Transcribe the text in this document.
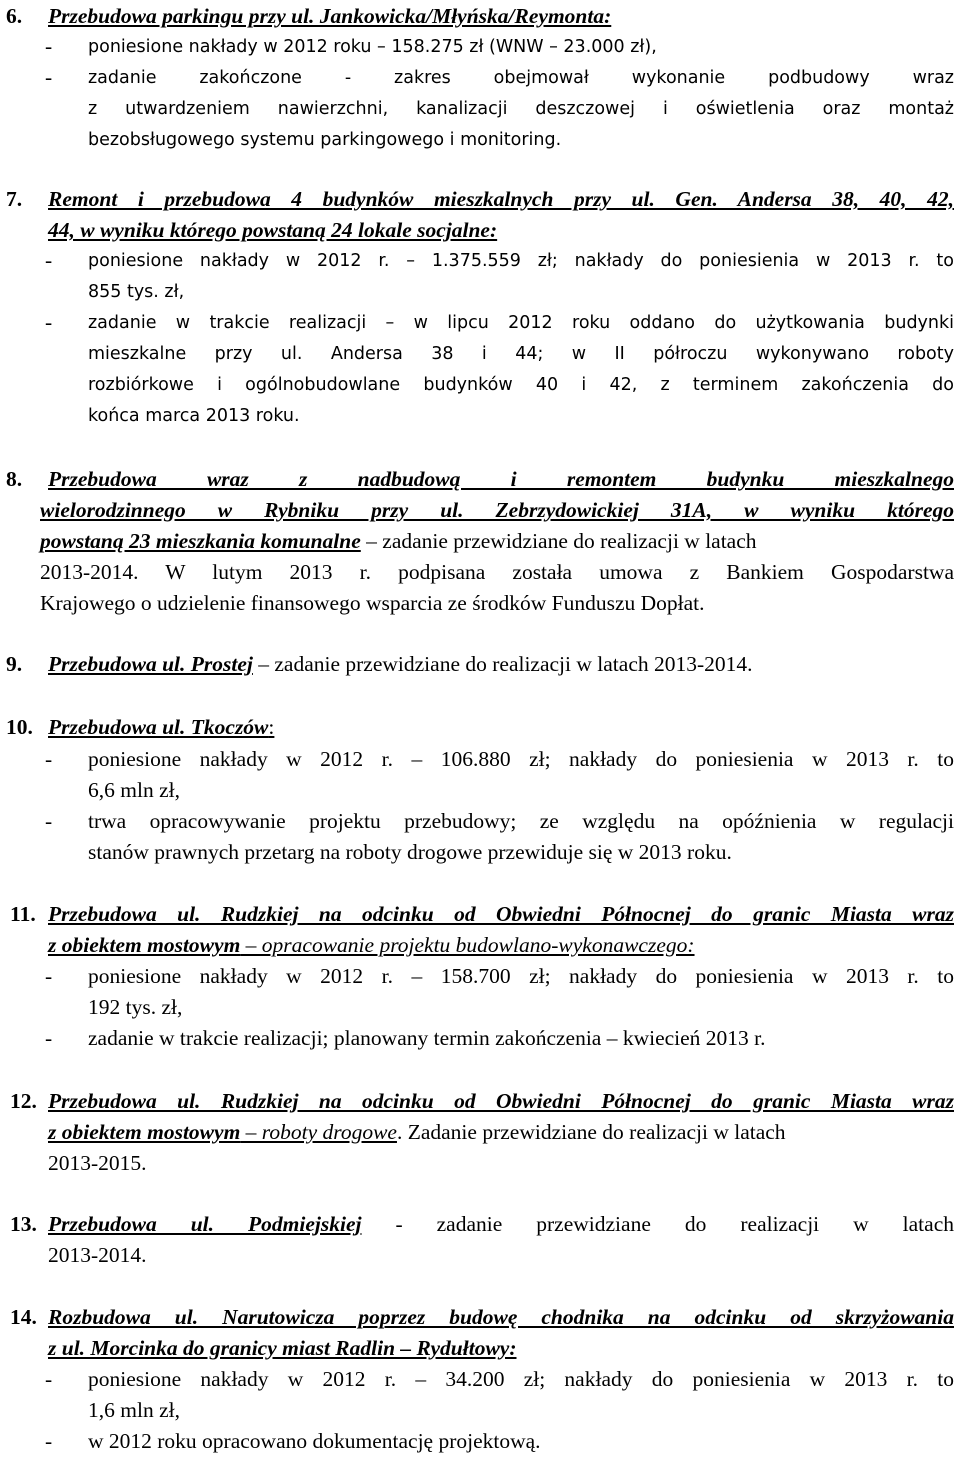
6. Przebudowa parkingu przy ul. Jankowicka/Młyńska/Reymonta:
- poniesione nakłady w 2012 roku – 158.275 zł (WNW – 23.000 zł),
- zadanie zakończone - zakres obejmował wykonanie podbudowy wraz
z utwardzeniem nawierzchni, kanalizacji deszczowej i oświetlenia oraz montaż
bezobsługowego systemu parkingowego i monitoring.
7. Remont i przebudowa 4 budynków mieszkalnych przy ul. Gen. Andersa 38, 40, 42,
44, w wyniku którego powstaną 24 lokale socjalne:
- poniesione nakłady w 2012 r. – 1.375.559 zł; nakłady do poniesienia w 2013 r. to
855 tys. zł,
- zadanie w trakcie realizacji – w lipcu 2012 roku oddano do użytkowania budynki
mieszkalne przy ul. Andersa 38 i 44; w II półroczu wykonywano roboty
rozbiórkowe i ogólnobudowlane budynków 40 i 42, z terminem zakończenia do
końca marca 2013 roku.
8. Przebudowa wraz z nadbudową i remontem budynku mieszkalnego
wielorodzinnego w Rybniku przy ul. Zebrzydowickiej 31A, w wyniku którego
powstaną 23 mieszkania komunalne – zadanie przewidziane do realizacji w latach
2013-2014. W lutym 2013 r. podpisana została umowa z Bankiem Gospodarstwa
Krajowego o udzielenie finansowego wsparcia ze środków Funduszu Dopłat.
9. Przebudowa ul. Prostej – zadanie przewidziane do realizacji w latach 2013-2014.
10. Przebudowa ul. Tkoczów:
- poniesione nakłady w 2012 r. – 106.880 zł; nakłady do poniesienia w 2013 r. to
6,6 mln zł,
- trwa opracowywanie projektu przebudowy; ze względu na opóźnienia w regulacji
stanów prawnych przetarg na roboty drogowe przewiduje się w 2013 roku.
11. Przebudowa ul. Rudzkiej na odcinku od Obwiedni Północnej do granic Miasta wraz
z obiektem mostowym – opracowanie projektu budowlano-wykonawczego:
- poniesione nakłady w 2012 r. – 158.700 zł; nakłady do poniesienia w 2013 r. to
192 tys. zł,
- zadanie w trakcie realizacji; planowany termin zakończenia – kwiecień 2013 r.
12. Przebudowa ul. Rudzkiej na odcinku od Obwiedni Północnej do granic Miasta wraz
z obiektem mostowym – roboty drogowe. Zadanie przewidziane do realizacji w latach
2013-2015.
13. Przebudowa ul. Podmiejskiej - zadanie przewidziane do realizacji w latach
2013-2014.
14. Rozbudowa ul. Narutowicza poprzez budowę chodnika na odcinku od skrzyżowania
z ul. Morcinka do granicy miast Radlin – Rydułtowy:
- poniesione nakłady w 2012 r. – 34.200 zł; nakłady do poniesienia w 2013 r. to
1,6 mln zł,
- w 2012 roku opracowano dokumentację projektową.
